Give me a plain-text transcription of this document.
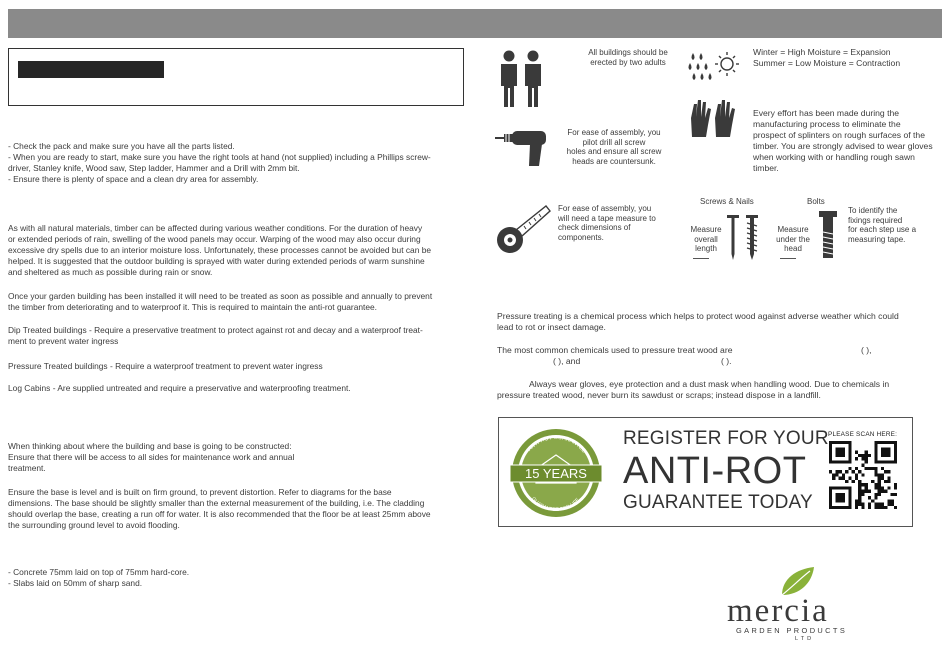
- Check the pack and make sure you have all the parts listed.
- When you are ready to start, make sure you have the right tools at hand (not supplied) including a Phillips screw-
driver, Stanley knife, Wood saw, Step ladder, Hammer and a Drill with 2mm bit.
- Ensure there is plenty of space and a clean dry area for assembly.
As with all natural materials, timber can be affected during various weather conditions. For the duration of heavy
or extended periods of rain, swelling of the wood panels may occur. Warping of the wood may also occur during
excessive dry spells due to an interior moisture loss. Unfortunately, these processes cannot be avoided but can be
helped. It is suggested that the outdoor building is sprayed with water during extended periods of warm sunshine
and sheltered as much as possible during rain or snow.
Once your garden building has been installed it will need to be treated as soon as possible and annually to prevent
the timber from deteriorating and to waterproof it. This is required to maintain the anti-rot guarantee.
Dip Treated buildings - Require a preservative treatment to protect against rot and decay and a waterproof treat-
ment to prevent water ingress
Pressure Treated buildings - Require a waterproof treatment to prevent water ingress
Log Cabins - Are supplied untreated and require a preservative and waterproofing treatment.
When thinking about where the building and base is going to be constructed:
Ensure that there will be access to all sides for maintenance work and annual
treatment.
Ensure the base is level and is built on firm ground, to prevent distortion. Refer to diagrams for the base
dimensions. The base should be slightly smaller than the external measurement of the building, i.e. The cladding
should overlap the base, creating a run off for water. It is also recommended that the floor be at least 25mm above
the surrounding ground level to avoid flooding.
- Concrete 75mm laid on top of 75mm hard-core.
- Slabs laid on 50mm of sharp sand.
All buildings should be
erected by two adults
Winter = High Moisture = Expansion
Summer = Low Moisture = Contraction
For ease of assembly, you
pilot drill all screw
holes and ensure all screw
heads are countersunk.
Every effort has been made during the
manufacturing process to eliminate the
prospect of splinters on rough surfaces of the
timber. You are strongly advised to wear gloves
when working with or handling rough sawn
timber.
For ease of assembly, you
will need a tape measure to
check dimensions of
components.
Screws & Nails	Bolts
Measure
overall
length
Measure
under the
head
To identify the
fixings required
for each step use a
measuring tape.
Pressure treating is a chemical process which helps to protect wood against adverse weather which could
lead to rot or insect damage.
The most common chemicals used to pressure treat wood are	( ),
( ), and	( ).
Always wear gloves, eye protection and a dust mask when handling wood. Due to chemicals in
pressure treated wood, never burn its sawdust or scraps; instead dispose in a landfill.
ANTI-ROT GUARANTEE
15 YEARS
GUARANTEE FOR LIFE
REGISTER FOR YOUR
ANTI-ROT
GUARANTEE TODAY
PLEASE SCAN HERE:
mercia
GARDEN PRODUCTS
LTD
